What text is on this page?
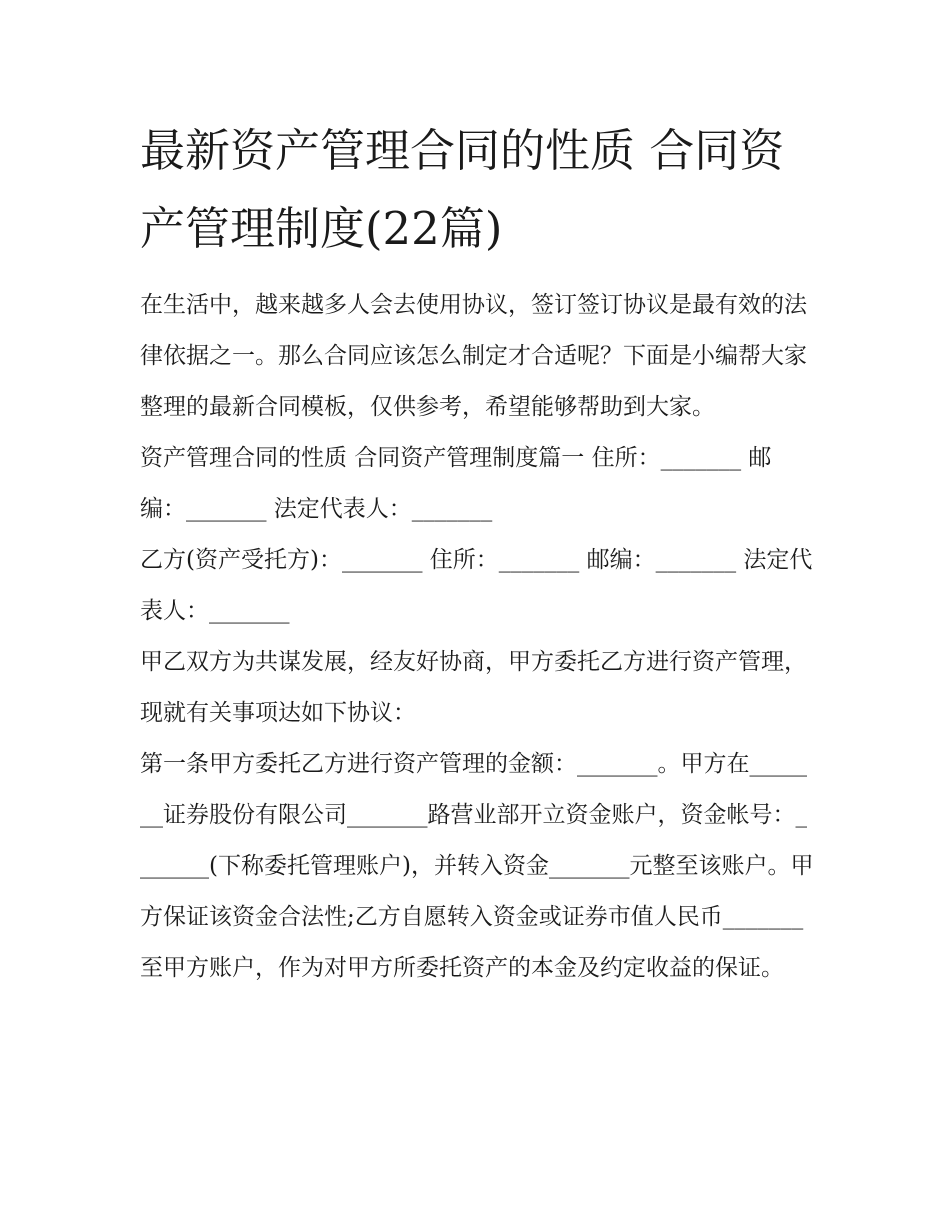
最新资产管理合同的性质 合同资产管理制度(22篇)

在生活中，越来越多人会去使用协议，签订签订协议是最有效的法律依据之一。那么合同应该怎么制定才合适呢？下面是小编帮大家整理的最新合同模板，仅供参考，希望能够帮助到大家。

资产管理合同的性质 合同资产管理制度篇一 住所：_______ 邮编：_______ 法定代表人：_______

乙方(资产受托方)：_______ 住所：_______ 邮编：_______ 法定代表人：_______

甲乙双方为共谋发展，经友好协商，甲方委托乙方进行资产管理，现就有关事项达如下协议：

第一条甲方委托乙方进行资产管理的金额：_______。甲方在_______证券股份有限公司_______路营业部开立资金账户，资金帐号：_______(下称委托管理账户)，并转入资金_______元整至该账户。甲方保证该资金合法性;乙方自愿转入资金或证券市值人民币_______至甲方账户，作为对甲方所委托资产的本金及约定收益的保证。
